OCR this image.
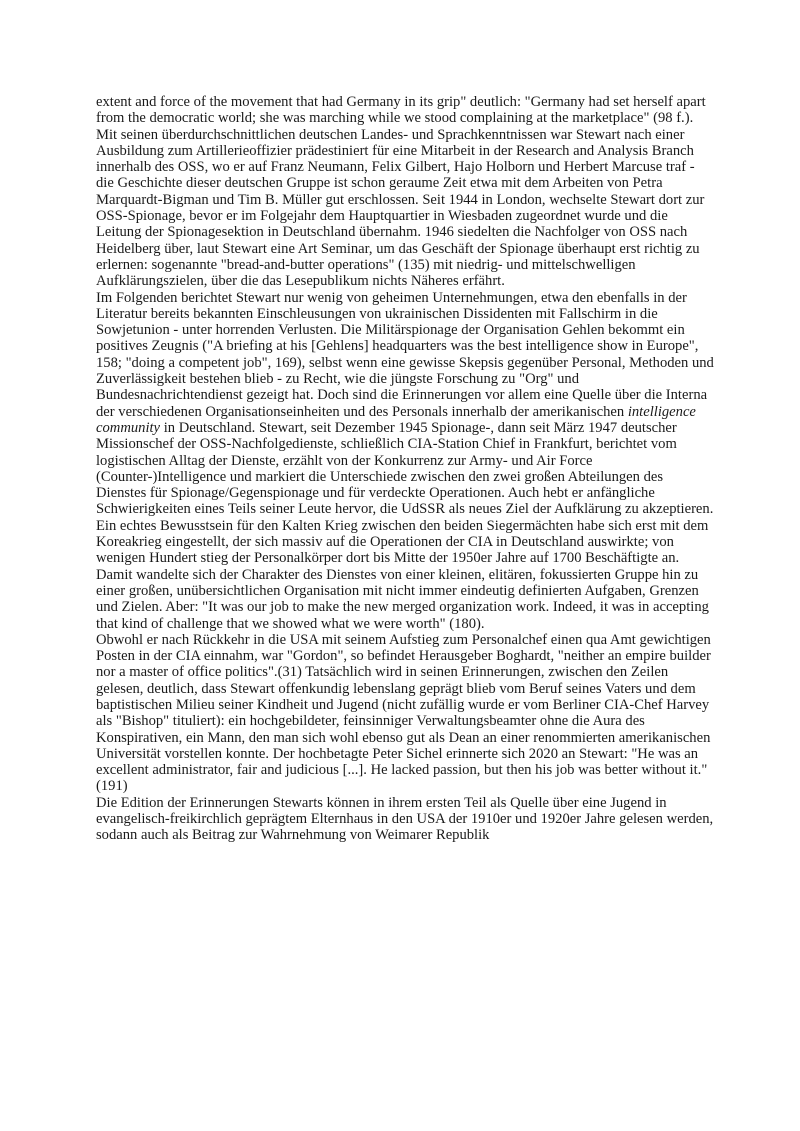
extent and force of the movement that had Germany in its grip" deutlich: "Germany had set herself apart from the democratic world; she was marching while we stood complaining at the marketplace" (98 f.).

Mit seinen überdurchschnittlichen deutschen Landes- und Sprachkenntnissen war Stewart nach einer Ausbildung zum Artillerieoffizier prädestiniert für eine Mitarbeit in der Research and Analysis Branch innerhalb des OSS, wo er auf Franz Neumann, Felix Gilbert, Hajo Holborn und Herbert Marcuse traf - die Geschichte dieser deutschen Gruppe ist schon geraume Zeit etwa mit dem Arbeiten von Petra Marquardt-Bigman und Tim B. Müller gut erschlossen. Seit 1944 in London, wechselte Stewart dort zur OSS-Spionage, bevor er im Folgejahr dem Hauptquartier in Wiesbaden zugeordnet wurde und die Leitung der Spionagesektion in Deutschland übernahm. 1946 siedelten die Nachfolger von OSS nach Heidelberg über, laut Stewart eine Art Seminar, um das Geschäft der Spionage überhaupt erst richtig zu erlernen: sogenannte "bread-and-butter operations" (135) mit niedrig- und mittelschwelligen Aufklärungszielen, über die das Lesepublikum nichts Näheres erfährt.

Im Folgenden berichtet Stewart nur wenig von geheimen Unternehmungen, etwa den ebenfalls in der Literatur bereits bekannten Einschleusungen von ukrainischen Dissidenten mit Fallschirm in die Sowjetunion - unter horrenden Verlusten. Die Militärspionage der Organisation Gehlen bekommt ein positives Zeugnis ("A briefing at his [Gehlens] headquarters was the best intelligence show in Europe", 158; "doing a competent job", 169), selbst wenn eine gewisse Skepsis gegenüber Personal, Methoden und Zuverlässigkeit bestehen blieb - zu Recht, wie die jüngste Forschung zu "Org" und Bundesnachrichtendienst gezeigt hat. Doch sind die Erinnerungen vor allem eine Quelle über die Interna der verschiedenen Organisationseinheiten und des Personals innerhalb der amerikanischen intelligence community in Deutschland. Stewart, seit Dezember 1945 Spionage-, dann seit März 1947 deutscher Missionschef der OSS-Nachfolgedienste, schließlich CIA-Station Chief in Frankfurt, berichtet vom logistischen Alltag der Dienste, erzählt von der Konkurrenz zur Army- und Air Force (Counter-)Intelligence und markiert die Unterschiede zwischen den zwei großen Abteilungen des Dienstes für Spionage/Gegenspionage und für verdeckte Operationen. Auch hebt er anfängliche Schwierigkeiten eines Teils seiner Leute hervor, die UdSSR als neues Ziel der Aufklärung zu akzeptieren. Ein echtes Bewusstsein für den Kalten Krieg zwischen den beiden Siegermächten habe sich erst mit dem Koreakrieg eingestellt, der sich massiv auf die Operationen der CIA in Deutschland auswirkte; von wenigen Hundert stieg der Personalkörper dort bis Mitte der 1950er Jahre auf 1700 Beschäftigte an. Damit wandelte sich der Charakter des Dienstes von einer kleinen, elitären, fokussierten Gruppe hin zu einer großen, unübersichtlichen Organisation mit nicht immer eindeutig definierten Aufgaben, Grenzen und Zielen. Aber: "It was our job to make the new merged organization work. Indeed, it was in accepting that kind of challenge that we showed what we were worth" (180).

Obwohl er nach Rückkehr in die USA mit seinem Aufstieg zum Personalchef einen qua Amt gewichtigen Posten in der CIA einnahm, war "Gordon", so befindet Herausgeber Boghardt, "neither an empire builder nor a master of office politics".(31) Tatsächlich wird in seinen Erinnerungen, zwischen den Zeilen gelesen, deutlich, dass Stewart offenkundig lebenslang geprägt blieb vom Beruf seines Vaters und dem baptistischen Milieu seiner Kindheit und Jugend (nicht zufällig wurde er vom Berliner CIA-Chef Harvey als "Bishop" tituliert): ein hochgebildeter, feinsinniger Verwaltungsbeamter ohne die Aura des Konspirativen, ein Mann, den man sich wohl ebenso gut als Dean an einer renommierten amerikanischen Universität vorstellen konnte. Der hochbetagte Peter Sichel erinnerte sich 2020 an Stewart: "He was an excellent administrator, fair and judicious [...]. He lacked passion, but then his job was better without it." (191)

Die Edition der Erinnerungen Stewarts können in ihrem ersten Teil als Quelle über eine Jugend in evangelisch-freikirchlich geprägtem Elternhaus in den USA der 1910er und 1920er Jahre gelesen werden, sodann auch als Beitrag zur Wahrnehmung von Weimarer Republik
